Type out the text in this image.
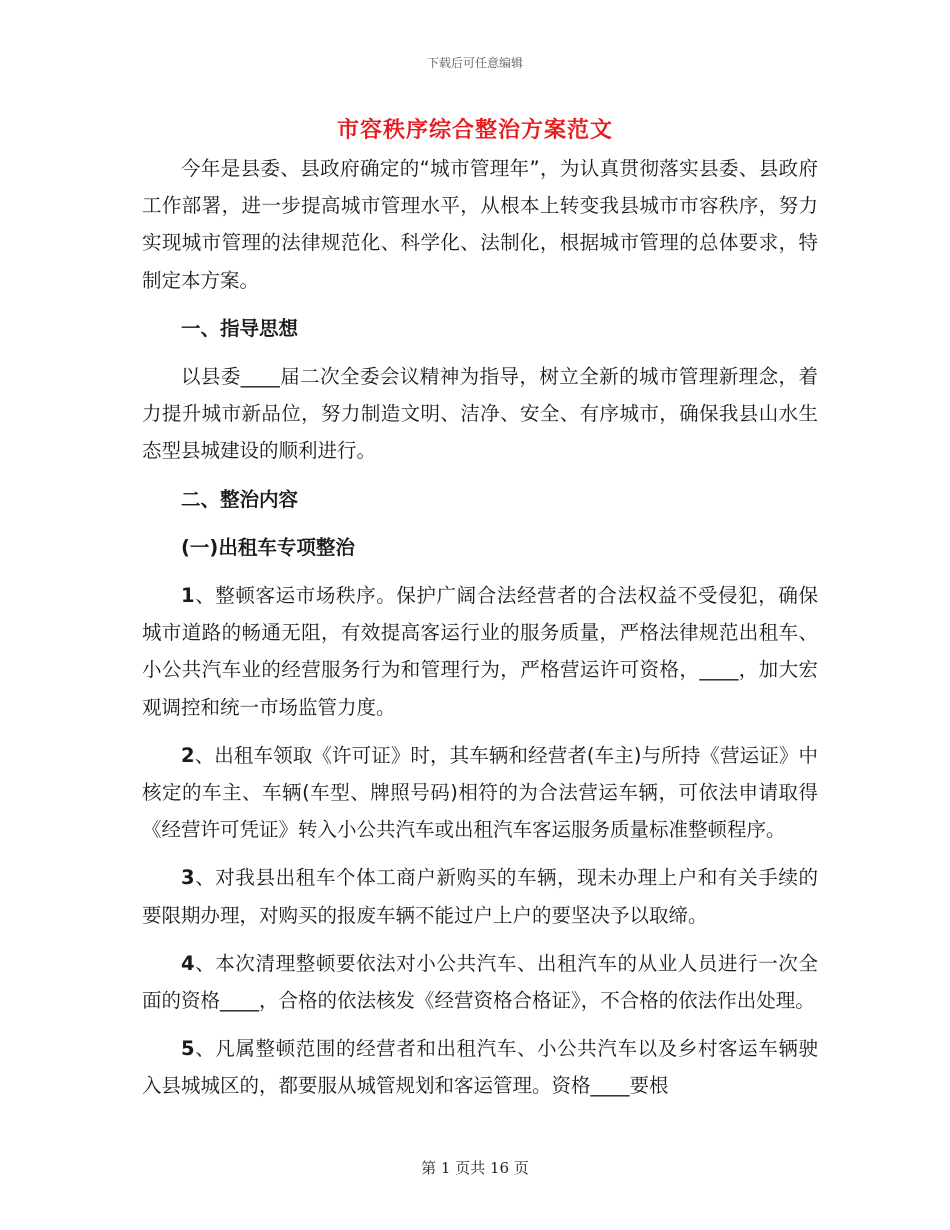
下载后可任意编辑
市容秩序综合整治方案范文

今年是县委、县政府确定的“城市管理年”，为认真贯彻落实县委、县政府工作部署，进一步提高城市管理水平，从根本上转变我县城市市容秩序，努力实现城市管理的法律规范化、科学化、法制化，根据城市管理的总体要求，特制定本方案。

一、指导思想

以县委____届二次全委会议精神为指导，树立全新的城市管理新理念，着力提升城市新品位，努力制造文明、洁净、安全、有序城市，确保我县山水生态型县城建设的顺利进行。

二、整治内容

(一)出租车专项整治

1、整顿客运市场秩序。保护广阔合法经营者的合法权益不受侵犯，确保城市道路的畅通无阻，有效提高客运行业的服务质量，严格法律规范出租车、小公共汽车业的经营服务行为和管理行为，严格营运许可资格，____，加大宏观调控和统一市场监管力度。

2、出租车领取《许可证》时，其车辆和经营者(车主)与所持《营运证》中核定的车主、车辆(车型、牌照号码)相符的为合法营运车辆，可依法申请取得《经营许可凭证》转入小公共汽车或出租汽车客运服务质量标准整顿程序。

3、对我县出租车个体工商户新购买的车辆，现未办理上户和有关手续的要限期办理，对购买的报废车辆不能过户上户的要坚决予以取缔。

4、本次清理整顿要依法对小公共汽车、出租汽车的从业人员进行一次全面的资格____，合格的依法核发《经营资格合格证》，不合格的依法作出处理。

5、凡属整顿范围的经营者和出租汽车、小公共汽车以及乡村客运车辆驶入县城城区的，都要服从城管规划和客运管理。资格____要根

第 1 页共 16 页
